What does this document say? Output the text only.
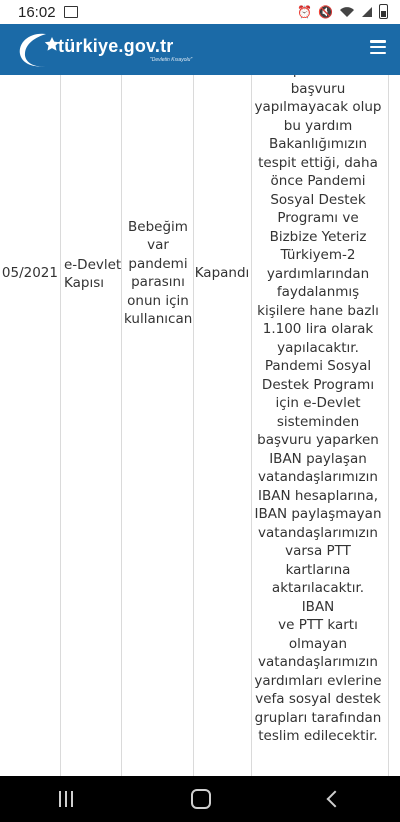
05/2021 e-Devlet Kapısı
Bebeğim var pandemi parasını onun için kullanıcan
Kapandı
başvuru
yapılmayacak olup
bu yardım
Bakanlığımızın
tespit ettiği, daha
önce Pandemi
Sosyal Destek
Programı ve
Bizbize Yeteriz
Türkiyem-2
yardımlarından
faydalanmış
kişilere hane bazlı
1.100 lira olarak
yapılacaktır.
Pandemi Sosyal
Destek Programı
için e-Devlet
sisteminden
başvuru yaparken
IBAN paylaşan
vatandaşlarımızın
IBAN hesaplarına,
IBAN paylaşmayan
vatandaşlarımızın
varsa PTT
kartlarına
aktarılacaktır. IBAN
ve PTT kartı
olmayan
vatandaşlarımızın
yardımları evlerine
vefa sosyal destek
grupları tarafından
teslim edilecektir.
16:02	⏰ 🔇
türkiye.gov.tr
"Devletin Kısayolu"
